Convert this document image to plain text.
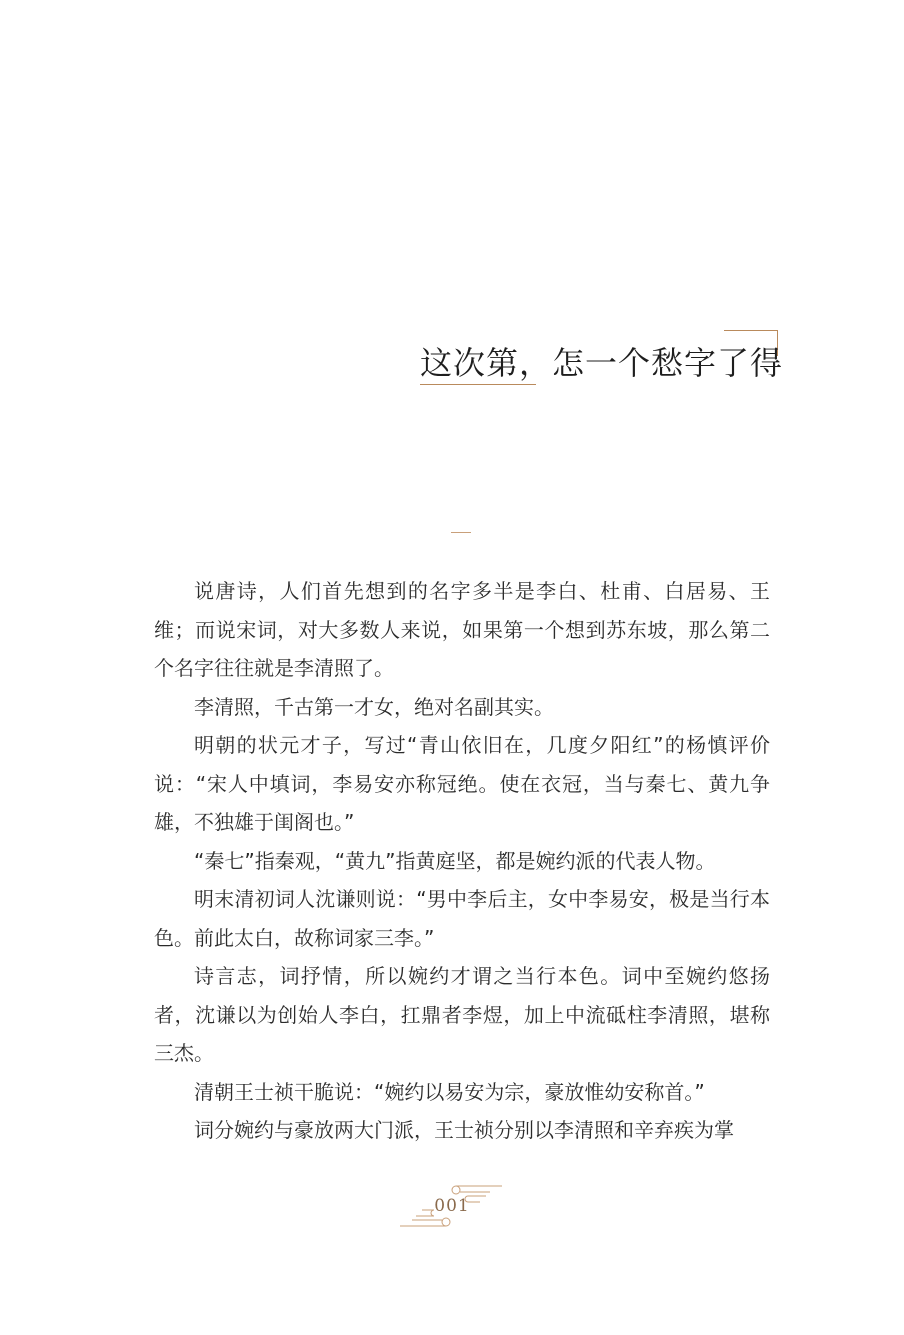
这次第，怎一个愁字了得

说唐诗，人们首先想到的名字多半是李白、杜甫、白居易、王维；而说宋词，对大多数人来说，如果第一个想到苏东坡，那么第二个名字往往就是李清照了。

李清照，千古第一才女，绝对名副其实。

明朝的状元才子，写过“青山依旧在，几度夕阳红”的杨慎评价说：“宋人中填词，李易安亦称冠绝。使在衣冠，当与秦七、黄九争雄，不独雄于闺阁也。”

“秦七”指秦观，“黄九”指黄庭坚，都是婉约派的代表人物。

明末清初词人沈谦则说：“男中李后主，女中李易安，极是当行本色。前此太白，故称词家三李。”

诗言志，词抒情，所以婉约才谓之当行本色。词中至婉约悠扬者，沈谦以为创始人李白，扛鼎者李煜，加上中流砥柱李清照，堪称三杰。

清朝王士祯干脆说：“婉约以易安为宗，豪放惟幼安称首。”

词分婉约与豪放两大门派，王士祯分别以李清照和辛弃疾为掌

001
